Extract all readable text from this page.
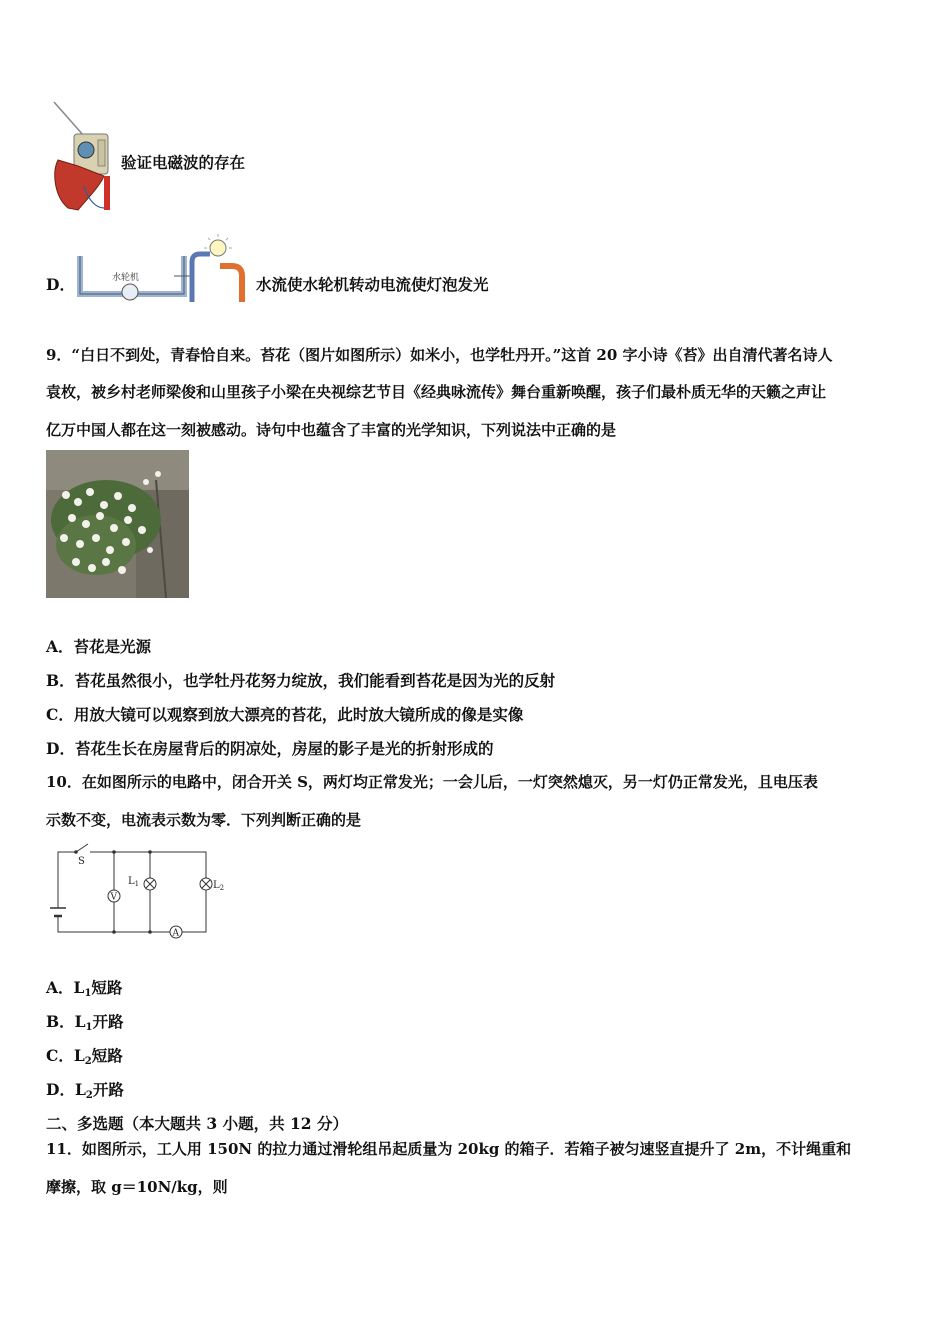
验证电磁波的存在
D．	水轮机	水流使水轮机转动电流使灯泡发光
9．“白日不到处，青春恰自来。苔花（图片如图所示）如米小，也学牡丹开。”这首 20 字小诗《苔》出自清代著名诗人
袁枚，被乡村老师梁俊和山里孩子小梁在央视综艺节目《经典咏流传》舞台重新唤醒，孩子们最朴质无华的天籁之声让
亿万中国人都在这一刻被感动。诗句中也蕴含了丰富的光学知识，下列说法中正确的是
A．苔花是光源
B．苔花虽然很小，也学牡丹花努力绽放，我们能看到苔花是因为光的反射
C．用放大镜可以观察到放大漂亮的苔花，此时放大镜所成的像是实像
D．苔花生长在房屋背后的阴凉处，房屋的影子是光的折射形成的
10．在如图所示的电路中，闭合开关 S，两灯均正常发光；一会儿后，一灯突然熄灭，另一灯仍正常发光，且电压表
示数不变，电流表示数为零．下列判断正确的是
S
V
$L_1$	$L_2$
A
A．$L_1$短路
B．$L_1$开路
C．$L_2$短路
D．$L_2$开路
二、多选题（本大题共 3 小题，共 12 分）
11．如图所示，工人用 150N 的拉力通过滑轮组吊起质量为 20kg 的箱子．若箱子被匀速竖直提升了 2m，不计绳重和
摩擦，取 g＝10N/kg，则
